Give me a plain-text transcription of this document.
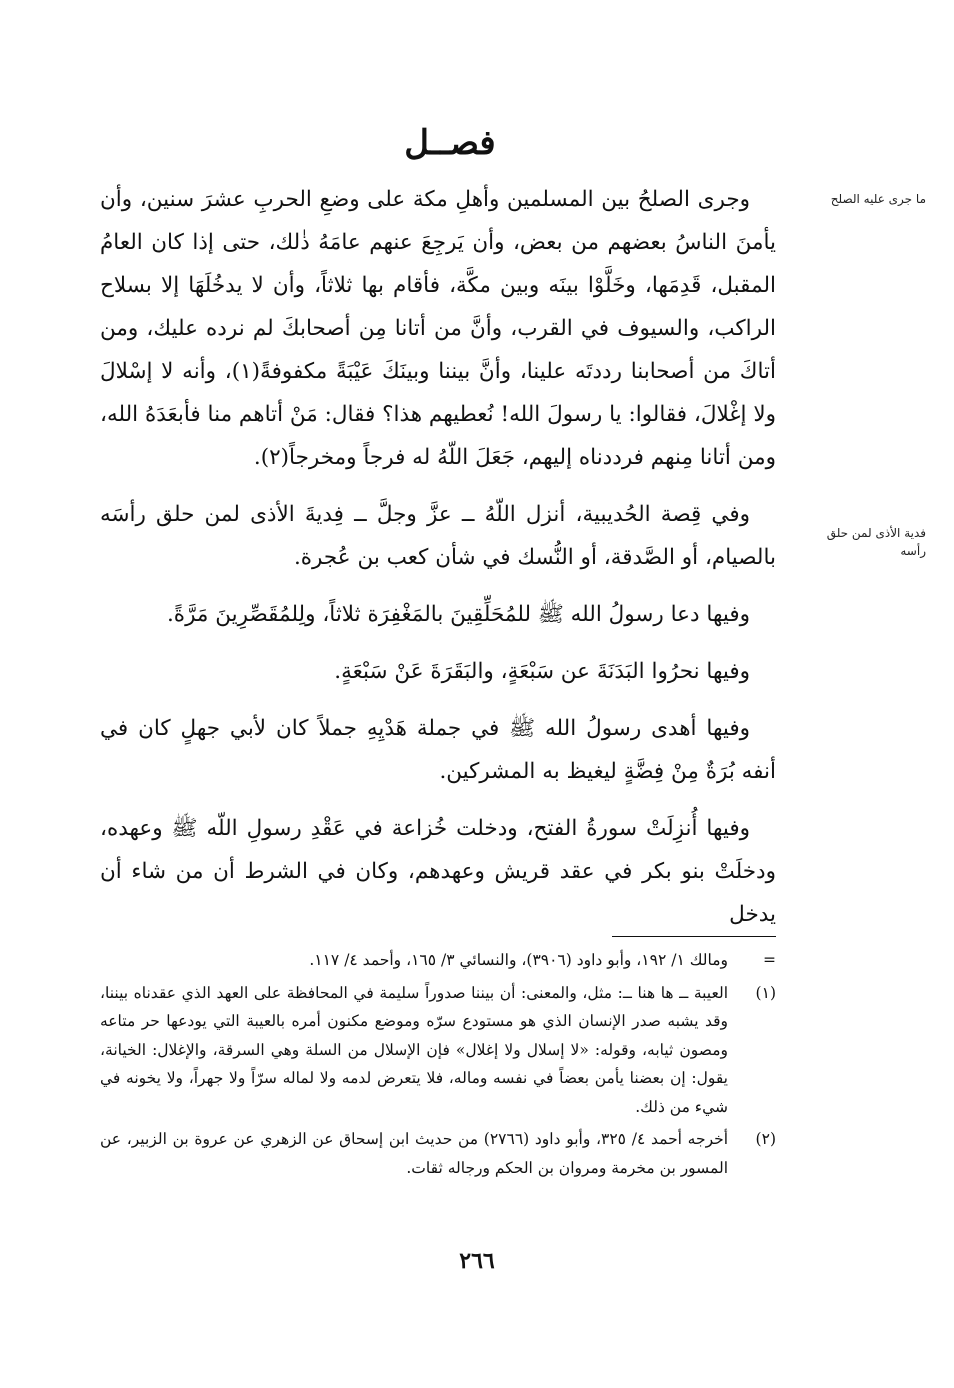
فصــل
ما جرى عليه الصلح
فدية الأذى لمن حلق رأسه

وجرى الصلحُ بين المسلمين وأهلِ مكة على وضعِ الحربِ عشرَ سنين، وأن يأمنَ الناسُ بعضهم من بعض، وأن يَرجِعَ عنهم عامَهُ ذٰلك، حتى إذا كان العامُ المقبل، قَدِمَها، وخَلَّوْا بينَه وبين مكَّة، فأقام بها ثلاثاً، وأن لا يدخُلَهَا إلا بسلاح الراكب، والسيوف في القرب، وأنَّ من أتانا مِن أصحابكَ لم نرده عليك، ومن أتاكَ من أصحابنا رددتَه علينا، وأنَّ بيننا وبينَكَ عَيْبَةً مكفوفةً(١)، وأنه لا إسْلالَ ولا إغْلالَ، فقالوا: يا رسولَ الله! نُعطيهم هذا؟ فقال: مَنْ أتاهم منا فأبعَدَهُ الله، ومن أتانا مِنهم فرددناه إليهم، جَعَلَ اللّهُ له فرجاً ومخرجاً(٢).

وفي قِصة الحُديبية، أنزل اللّهُ ــ عزَّ وجلَّ ــ فِديةَ الأذى لمن حلق رأسَه بالصيام، أو الصَّدقة، أو النُّسك في شأن كعب بن عُجرة.

وفيها دعا رسولُ الله ﷺ للمُحَلِّقِينَ بالمَغْفِرَة ثلاثاً، ولِلمُقَصِّرِينَ مَرَّةً.

وفيها نحرُوا البَدَنَةَ عن سَبْعَةٍ، والبَقَرَةَ عَنْ سَبْعَةٍ.

وفيها أهدى رسولُ الله ﷺ في جملة هَدْيِهِ جملاً كان لأبي جهلٍ كان في أنفه بُرَةٌ مِنْ فِضَّةٍ ليغيظ به المشركين.

وفيها أُنزِلَتْ سورةُ الفتح، ودخلت خُزاعة في عَقْدِ رسولِ اللّه ﷺ وعهده، ودخلَتْ بنو بكر في عقد قريش وعهدهم، وكان في الشرط أن من شاء أن يدخل

=
ومالك ١/ ١٩٢، وأبو داود (٣٩٠٦)، والنسائي ٣/ ١٦٥، وأحمد ٤/ ١١٧.
(١)
العيبة ــ ها هنا ــ: مثل، والمعنى: أن بيننا صدوراً سليمة في المحافظة على العهد الذي عقدناه بيننا، وقد يشبه صدر الإنسان الذي هو مستودع سرّه وموضع مكنون أمره بالعيبة التي يودعها حر متاعه ومصون ثيابه، وقوله: «لا إسلال ولا إغلال» فإن الإسلال من السلة وهي السرقة، والإغلال: الخيانة، يقول: إن بعضنا يأمن بعضاً في نفسه وماله، فلا يتعرض لدمه ولا لماله سرّاً ولا جهراً، ولا يخونه في شيء من ذلك.
(٢)
أخرجه أحمد ٤/ ٣٢٥، وأبو داود (٢٧٦٦) من حديث ابن إسحاق عن الزهري عن عروة بن الزبير، عن المسور بن مخرمة ومروان بن الحكم ورجاله ثقات.
٢٦٦
